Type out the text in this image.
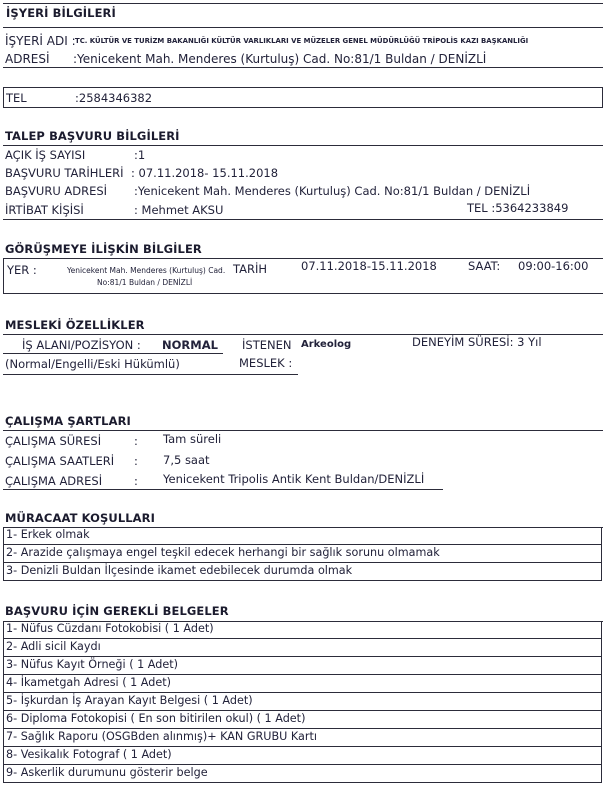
İŞYERİ BİLGİLERİ
İŞYERİ ADI : TC. KÜLTÜR VE TURİZM BAKANLIĞI KÜLTÜR VARLIKLARI VE MÜZELER GENEL MÜDÜRLÜĞÜ TRİPOLİS KAZI BAŞKANLIĞI
ADRESİ :Yenicekent Mah. Menderes (Kurtuluş) Cad. No:81/1 Buldan / DENİZLİ
TEL	:2584346382
TALEP BAŞVURU BİLGİLERİ
AÇIK İŞ SAYISI	:1
BAŞVURU TARİHLERİ : 07.11.2018- 15.11.2018
BAŞVURU ADRESİ :Yenicekent Mah. Menderes (Kurtuluş) Cad. No:81/1 Buldan / DENİZLİ
İRTİBAT KİŞİSİ	: Mehmet AKSU	TEL :5364233849
GÖRÜŞMEYE İLİŞKİN BİLGİLER
YER :	Yenicekent Mah. Menderes (Kurtuluş) Cad.
No:81/1 Buldan / DENİZLİ
TARİH	07.11.2018-15.11.2018	SAAT: 09:00-16:00
MESLEKİ ÖZELLİKLER
İŞ ALANI/POZİSYON : NORMAL İSTENEN Arkeolog	DENEYİM SÜRESİ: 3 Yıl
(Normal/Engelli/Eski Hükümlü)	MESLEK :
ÇALIŞMA ŞARTLARI
ÇALIŞMA SÜRESİ	: Tam süreli
ÇALIŞMA SAATLERİ : 7,5 saat
ÇALIŞMA ADRESİ	: Yenicekent Tripolis Antik Kent Buldan/DENİZLİ
MÜRACAAT KOŞULLARI
1- Erkek olmak
2- Arazide çalışmaya engel teşkil edecek herhangi bir sağlık sorunu olmamak
3- Denizli Buldan İlçesinde ikamet edebilecek durumda olmak
BAŞVURU İÇİN GEREKLİ BELGELER
1- Nüfus Cüzdanı Fotokobisi ( 1 Adet)
2- Adli sicil Kaydı
3- Nüfus Kayıt Örneği ( 1 Adet)
4- İkametgah Adresi ( 1 Adet)
5- İşkurdan İş Arayan Kayıt Belgesi ( 1 Adet)
6- Diploma Fotokopisi ( En son bitirilen okul) ( 1 Adet)
7- Sağlık Raporu (OSGBden alınmış)+ KAN GRUBU Kartı
8- Vesikalık Fotograf ( 1 Adet)
9- Askerlik durumunu gösterir belge
